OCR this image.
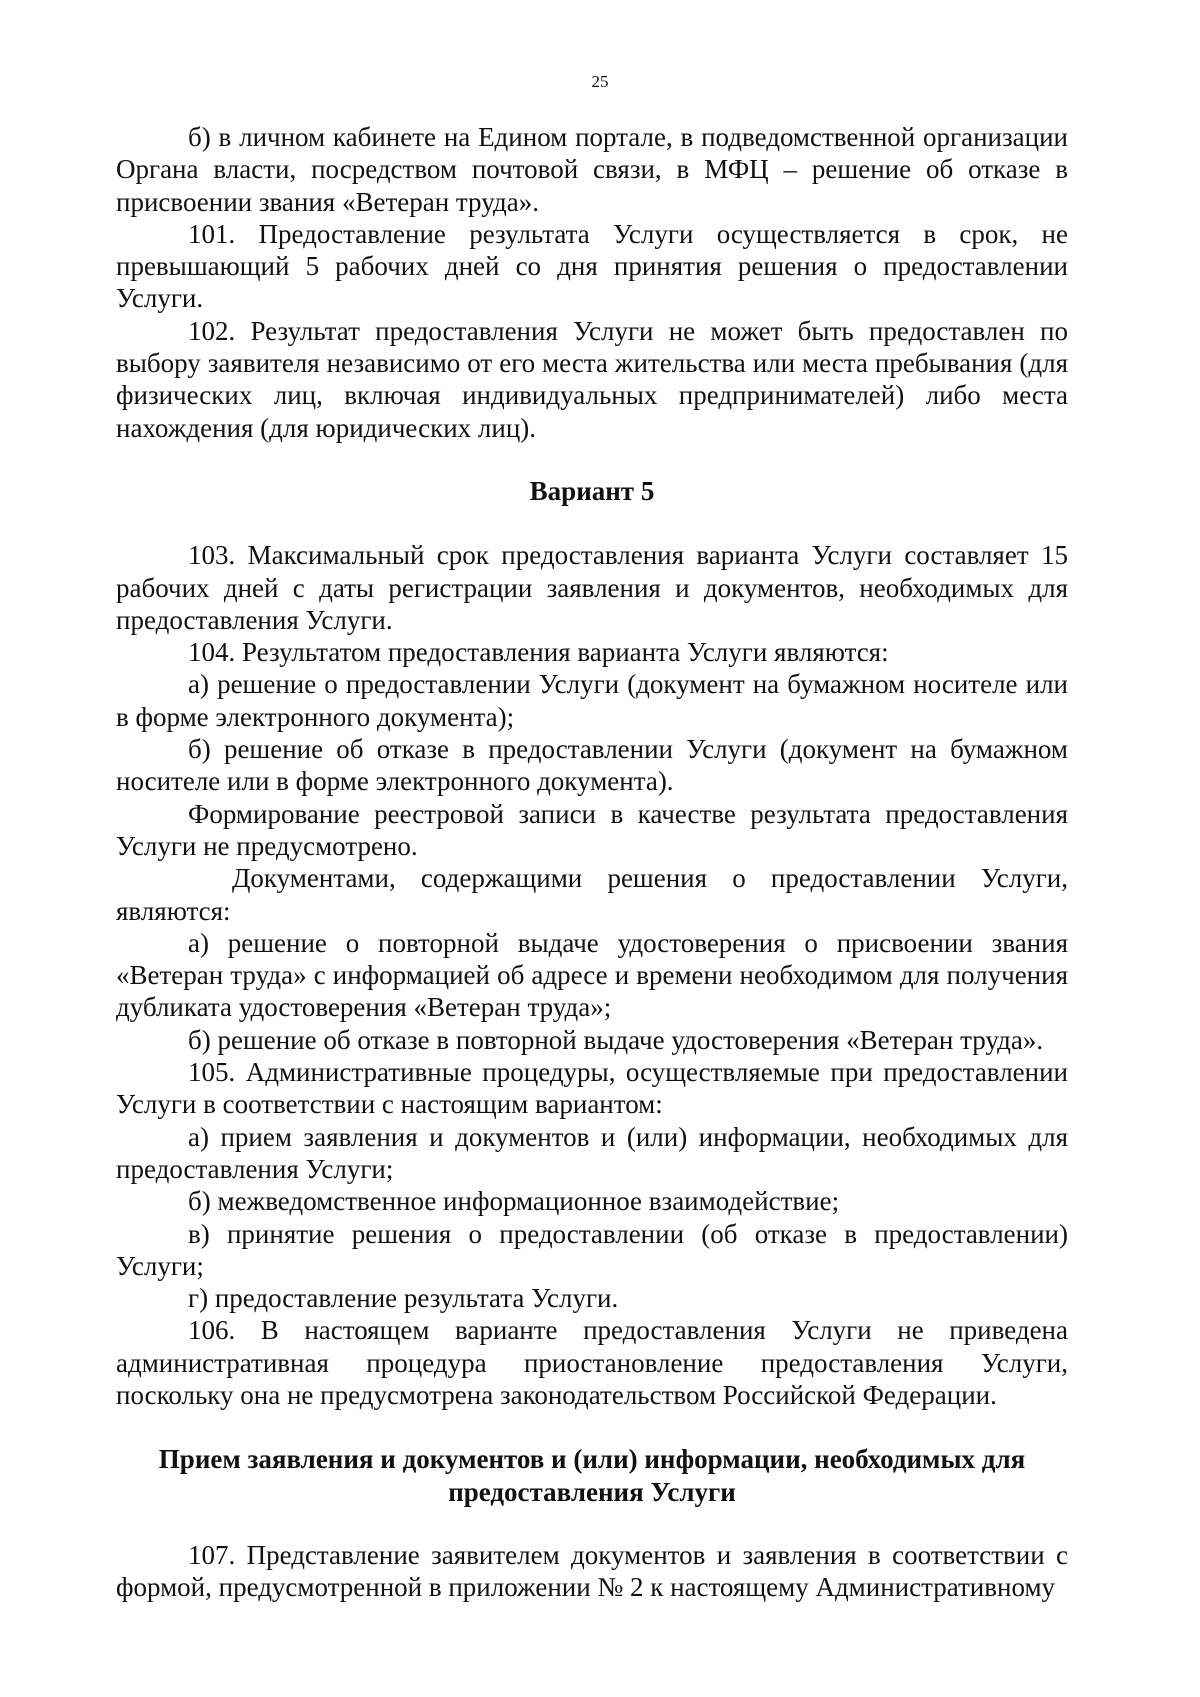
25

б) в личном кабинете на Едином портале, в подведомственной организации Органа власти, посредством почтовой связи, в МФЦ – решение об отказе в присвоении звания «Ветеран труда».

101. Предоставление результата Услуги осуществляется в срок, не превышающий 5 рабочих дней со дня принятия решения о предоставлении Услуги.

102. Результат предоставления Услуги не может быть предоставлен по выбору заявителя независимо от его места жительства или места пребывания (для физических лиц, включая индивидуальных предпринимателей) либо места нахождения (для юридических лиц).

Вариант 5

103. Максимальный срок предоставления варианта Услуги составляет 15 рабочих дней с даты регистрации заявления и документов, необходимых для предоставления Услуги.

104. Результатом предоставления варианта Услуги являются:

а) решение о предоставлении Услуги (документ на бумажном носителе или в форме электронного документа);

б) решение об отказе в предоставлении Услуги (документ на бумажном носителе или в форме электронного документа).

Формирование реестровой записи в качестве результата предоставления Услуги не предусмотрено.

Документами, содержащими решения о предоставлении Услуги, являются:

а) решение о повторной выдаче удостоверения о присвоении звания «Ветеран труда» с информацией об адресе и времени необходимом для получения дубликата удостоверения «Ветеран труда»;

б) решение об отказе в повторной выдаче удостоверения «Ветеран труда».

105. Административные процедуры, осуществляемые при предоставлении Услуги в соответствии с настоящим вариантом:

а) прием заявления и документов и (или) информации, необходимых для предоставления Услуги;

б) межведомственное информационное взаимодействие;

в) принятие решения о предоставлении (об отказе в предоставлении) Услуги;

г) предоставление результата Услуги.

106. В настоящем варианте предоставления Услуги не приведена административная процедура приостановление предоставления Услуги, поскольку она не предусмотрена законодательством Российской Федерации.

Прием заявления и документов и (или) информации, необходимых для предоставления Услуги

107. Представление заявителем документов и заявления в соответствии с формой, предусмотренной в приложении № 2 к настоящему Административному
